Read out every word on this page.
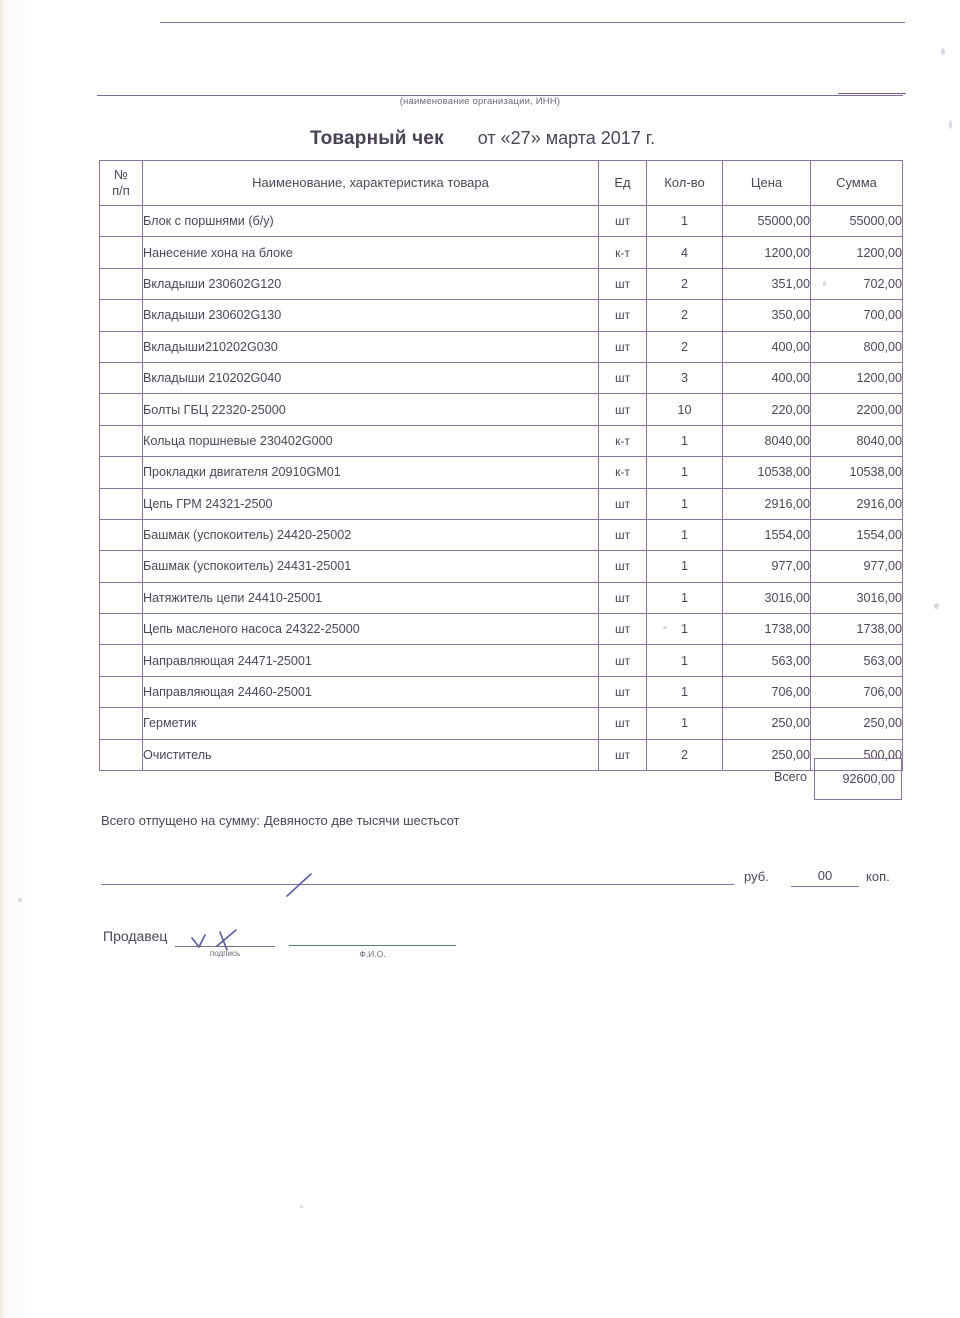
(наименование организации, ИНН)
Товарный чек от «27» марта 2017 г.
№
п/п	Наименование, характеристика товара	Ед	Кол-во	Цена	Сумма
	Блок с поршнями (б/у)	шт	1	55000,00	55000,00
	Нанесение хона на блоке	к-т	4	1200,00	1200,00
	Вкладыши 230602G120	шт	2	351,00	702,00
	Вкладыши 230602G130	шт	2	350,00	700,00
	Вкладыши210202G030	шт	2	400,00	800,00
	Вкладыши 210202G040	шт	3	400,00	1200,00
	Болты ГБЦ 22320-25000	шт	10	220,00	2200,00
	Кольца поршневые 230402G000	к-т	1	8040,00	8040,00
	Прокладки двигателя 20910GM01	к-т	1	10538,00	10538,00
	Цепь ГРМ 24321-2500	шт	1	2916,00	2916,00
	Башмак (успокоитель) 24420-25002	шт	1	1554,00	1554,00
	Башмак (успокоитель) 24431-25001	шт	1	977,00	977,00
	Натяжитель цепи 24410-25001	шт	1	3016,00	3016,00
	Цепь масленого насоса 24322-25000	шт	1	1738,00	1738,00
	Направляющая 24471-25001	шт	1	563,00	563,00
	Направляющая 24460-25001	шт	1	706,00	706,00
	Герметик	шт	1	250,00	250,00
	Очиститель	шт	2	250,00	500,00
Всего	92600,00
Всего отпущено на сумму: Девяносто две тысячи шестьсот
руб.	00	коп.
Продавец
подпись	Ф.И.О.
